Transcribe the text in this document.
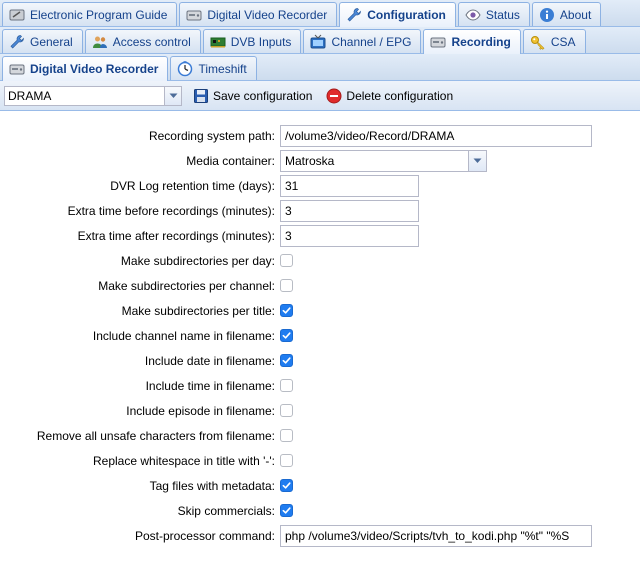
Electronic Program Guide	Digital Video Recorder	Configuration	Status	About
General	Access control	DVB Inputs	Channel / EPG	Recording	CSA
Digital Video Recorder	Timeshift
DRAMA	Save configuration	Delete configuration
Recording system path: /volume3/video/Record/DRAMA
Media container: Matroska
DVR Log retention time (days): 31
Extra time before recordings (minutes): 3
Extra time after recordings (minutes): 3
Make subdirectories per day:
Make subdirectories per channel:
Make subdirectories per title:
Include channel name in filename:
Include date in filename:
Include time in filename:
Include episode in filename:
Remove all unsafe characters from filename:
Replace whitespace in title with '-':
Tag files with metadata:
Skip commercials:
Post-processor command: php /volume3/video/Scripts/tvh_to_kodi.php "%t" "%S
